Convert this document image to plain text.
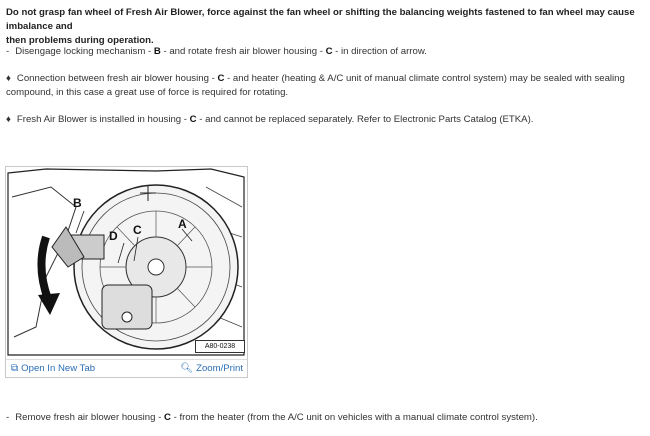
Do not grasp fan wheel of Fresh Air Blower, force against the fan wheel or shifting the balancing weights fastened to fan wheel may cause imbalance and
then problems during operation.
- Disengage locking mechanism - B - and rotate fresh air blower housing - C - in direction of arrow.
♦ Connection between fresh air blower housing - C - and heater (heating & A/C unit of manual climate control system) may be sealed with sealing
compound, in this case a great use of force is required for rotating.
♦ Fresh Air Blower is installed in housing - C - and cannot be replaced separately. Refer to Electronic Parts Catalog (ETKA).
B
D C	A
A80-0238
⧉ Open In New Tab	🔍︎ Zoom/Print
- Remove fresh air blower housing - C - from the heater (from the A/C unit on vehicles with a manual climate control system).
